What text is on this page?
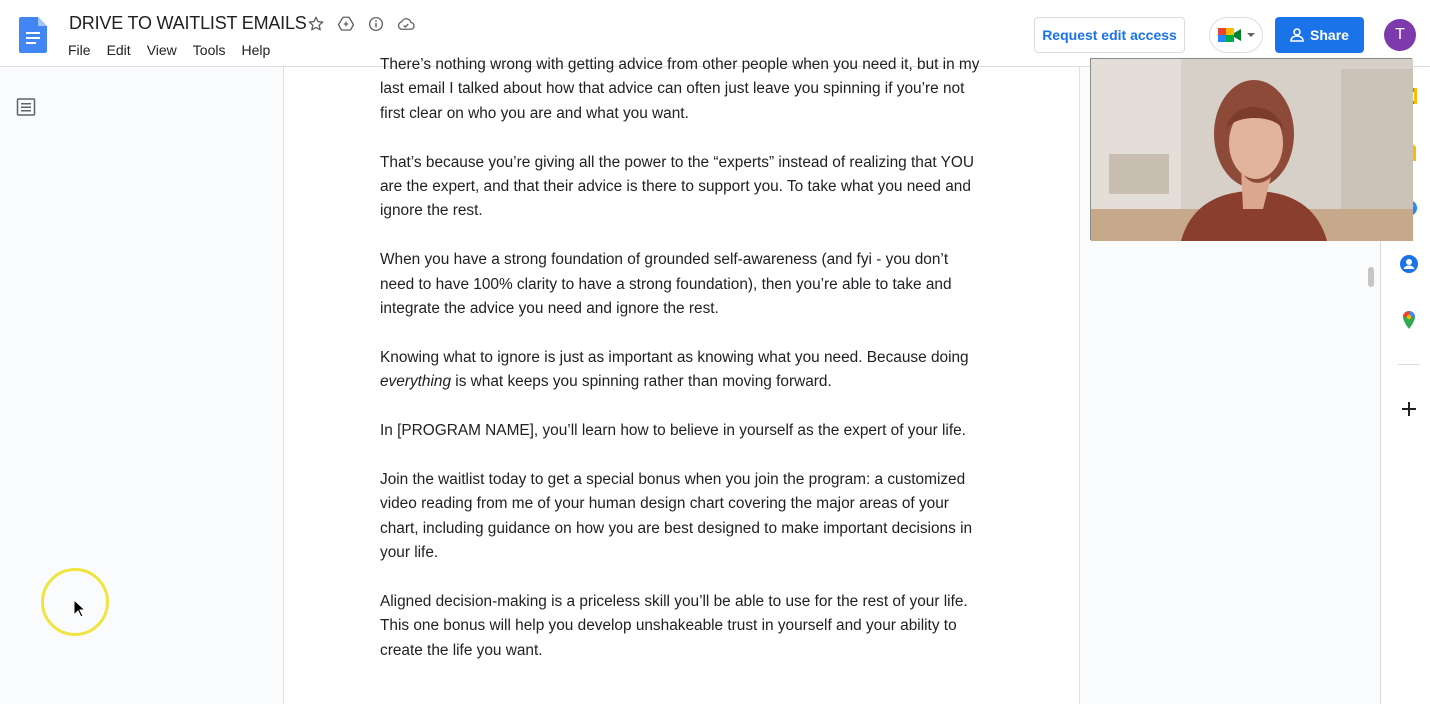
DRIVE TO WAITLIST EMAILS
File	Edit	View	Tools	Help
Request edit access	Share	T

There’s nothing wrong with getting advice from other people when you need it, but in my last email I talked about how that advice can often just leave you spinning if you’re not first clear on who you are and what you want.

That’s because you’re giving all the power to the “experts” instead of realizing that YOU are the expert, and that their advice is there to support you. To take what you need and ignore the rest.

When you have a strong foundation of grounded self-awareness (and fyi - you don’t need to have 100% clarity to have a strong foundation), then you’re able to take and integrate the advice you need and ignore the rest.

Knowing what to ignore is just as important as knowing what you need. Because doing everything is what keeps you spinning rather than moving forward.

In [PROGRAM NAME], you’ll learn how to believe in yourself as the expert of your life.

Join the waitlist today to get a special bonus when you join the program: a customized video reading from me of your human design chart covering the major areas of your chart, including guidance on how you are best designed to make important decisions in your life.

Aligned decision-making is a priceless skill you’ll be able to use for the rest of your life. This one bonus will help you develop unshakeable trust in yourself and your ability to create the life you want.
